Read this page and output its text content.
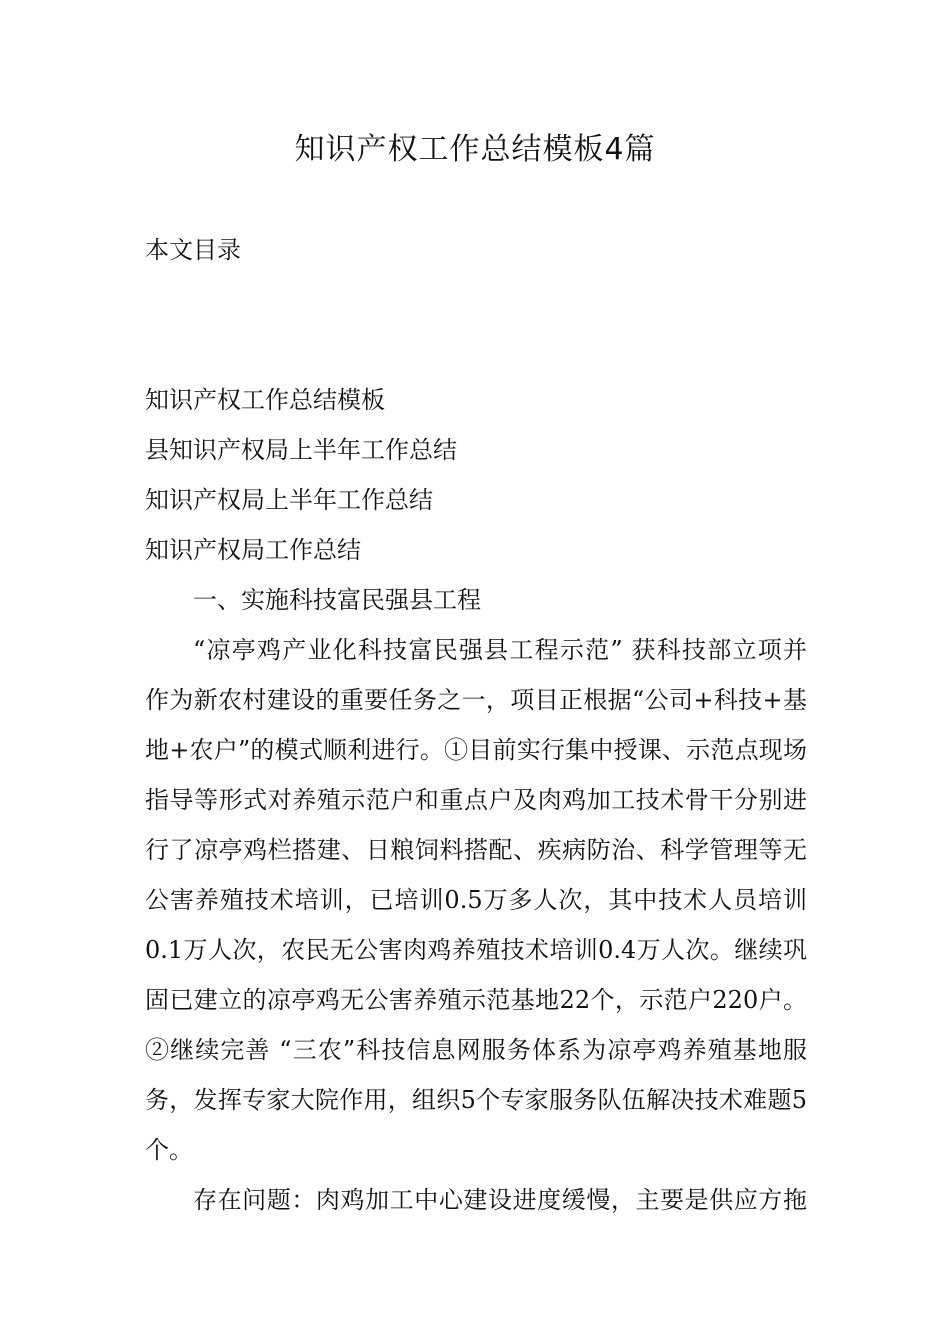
知识产权工作总结模板4篇
本文目录
知识产权工作总结模板
县知识产权局上半年工作总结
知识产权局上半年工作总结
知识产权局工作总结
一、实施科技富民强县工程
“凉亭鸡产业化科技富民强县工程示范” 获科技部立项并
作为新农村建设的重要任务之一，项目正根据“公司+科技+基
地+农户”的模式顺利进行。①目前实行集中授课、示范点现场
指导等形式对养殖示范户和重点户及肉鸡加工技术骨干分别进
行了凉亭鸡栏搭建、日粮饲料搭配、疾病防治、科学管理等无
公害养殖技术培训，已培训0.5万多人次，其中技术人员培训
0.1万人次，农民无公害肉鸡养殖技术培训0.4万人次。继续巩
固已建立的凉亭鸡无公害养殖示范基地22个，示范户220户。
②继续完善 “三农”科技信息网服务体系为凉亭鸡养殖基地服
务，发挥专家大院作用，组织5个专家服务队伍解决技术难题5
个。
存在问题：肉鸡加工中心建设进度缓慢，主要是供应方拖
